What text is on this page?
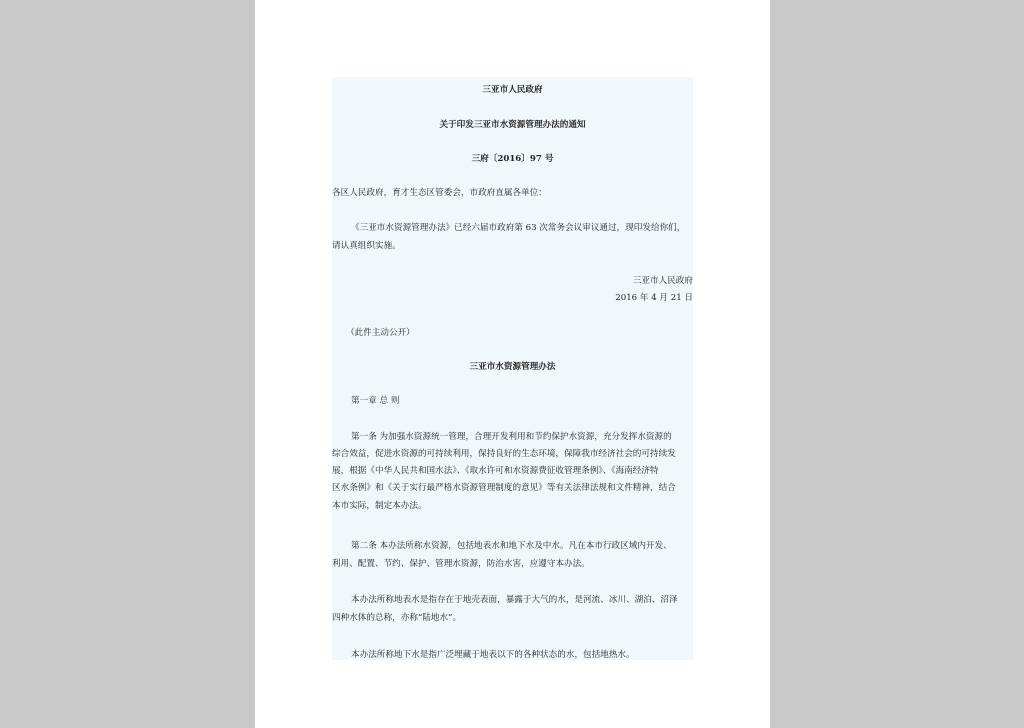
三亚市人民政府
关于印发三亚市水资源管理办法的通知
三府〔2016〕97 号
各区人民政府，育才生态区管委会，市政府直属各单位：
《三亚市水资源管理办法》已经六届市政府第 63 次常务会议审议通过，现印发给你们，
请认真组织实施。
三亚市人民政府
2016 年 4 月 21 日
（此件主动公开）
三亚市水资源管理办法
第一章 总 则
第一条 为加强水资源统一管理，合理开发利用和节约保护水资源，充分发挥水资源的
综合效益，促进水资源的可持续利用，保持良好的生态环境，保障我市经济社会的可持续发
展，根据《中华人民共和国水法》、《取水许可和水资源费征收管理条例》、《海南经济特
区水条例》和《关于实行最严格水资源管理制度的意见》等有关法律法规和文件精神，结合
本市实际，制定本办法。
第二条 本办法所称水资源，包括地表水和地下水及中水。凡在本市行政区域内开发、
利用、配置、节约、保护、管理水资源，防治水害，应遵守本办法。
本办法所称地表水是指存在于地壳表面，暴露于大气的水，是河流、冰川、湖泊、沼泽
四种水体的总称，亦称“陆地水”。
本办法所称地下水是指广泛埋藏于地表以下的各种状态的水，包括地热水。
